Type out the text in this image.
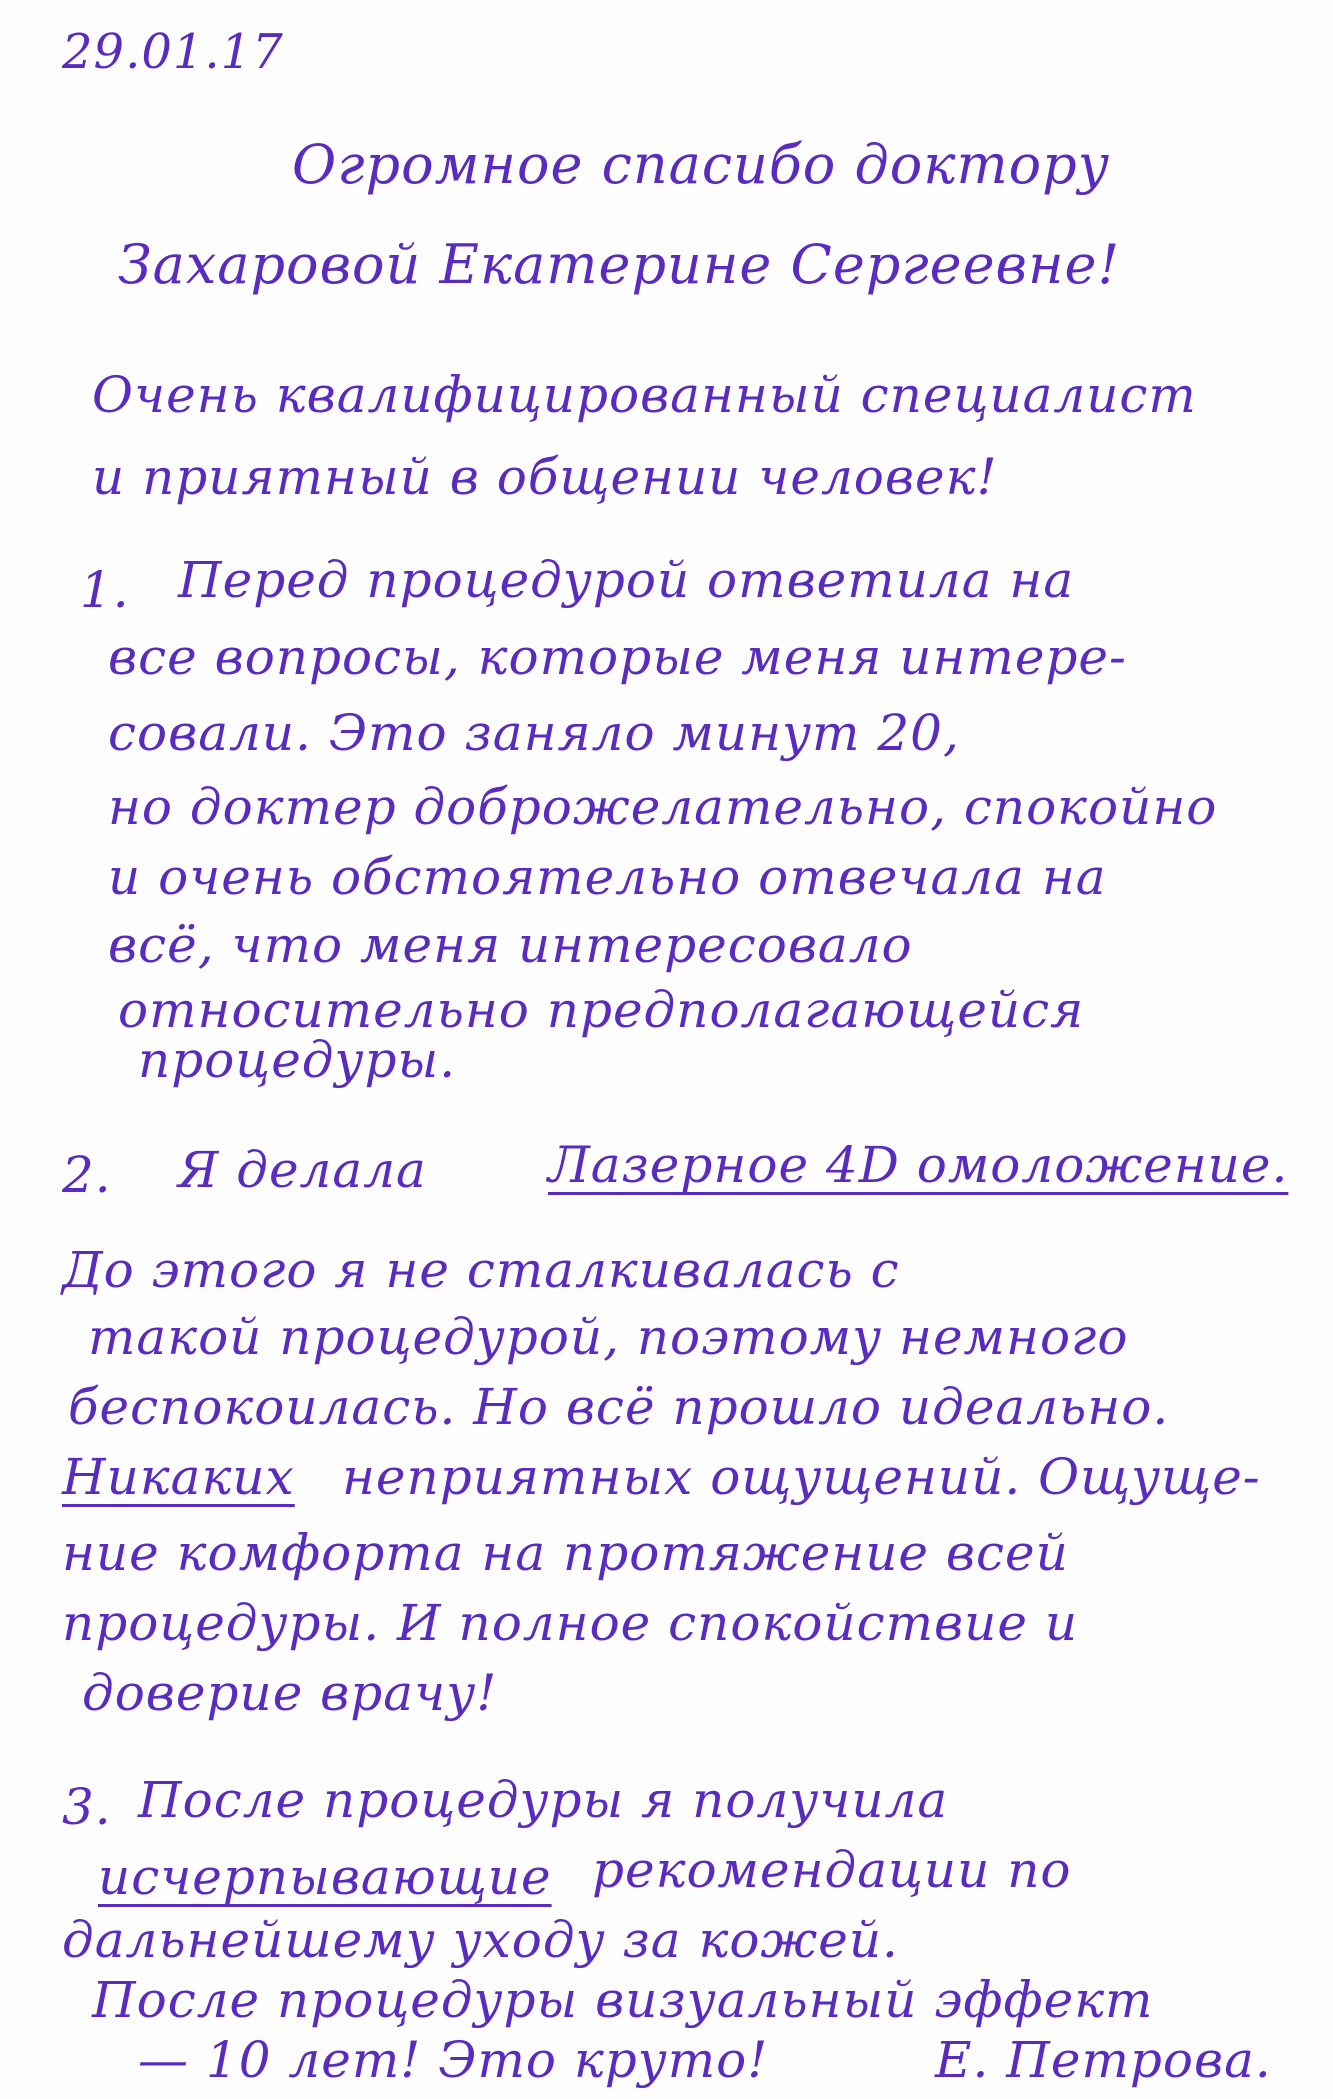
29.01.17
Огромное спасибо доктору
Захаровой Екатерине Сергеевне!
Очень квалифицированный специалист
и приятный в общении человек!
1. Перед процедурой ответила на
все вопросы, которые меня интере-
совали. Это заняло минут 20,
но доктер доброжелательно, спокойно
и очень обстоятельно отвечала на
всё, что меня интересовало
относительно предполагающейся
процедуры.
2. Я делала Лазерное 4D омоложение.
До этого я не сталкивалась с
такой процедурой, поэтому немного
беспокоилась. Но всё прошло идеально.
Никаких неприятных ощущений. Ощуще-
ние комфорта на протяжение всей
процедуры. И полное спокойствие и
доверие врачу!
3. После процедуры я получила
исчерпывающие рекомендации по
дальнейшему уходу за кожей.
После процедуры визуальный эффект
— 10 лет! Это круто!	Е. Петрова.
